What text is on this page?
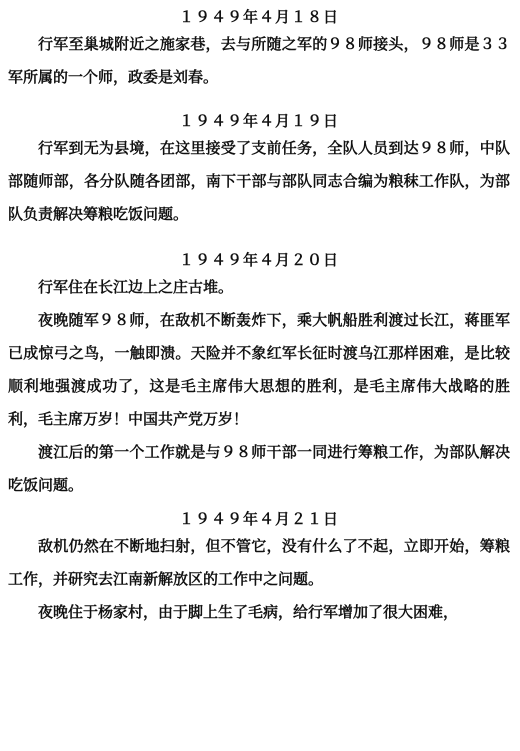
１９４９年４月１８日

行军至巢城附近之施家巷，去与所随之军的９８师接头，９８师是３３军所属的一个师，政委是刘春。

１９４９年４月１９日

行军到无为县境，在这里接受了支前任务，全队人员到达９８师，中队部随师部，各分队随各团部，南下干部与部队同志合编为粮秣工作队，为部队负责解决筹粮吃饭问题。

１９４９年４月２０日

行军住在长江边上之庄古堆。

夜晚随军９８师，在敌机不断轰炸下，乘大帆船胜利渡过长江，蒋匪军已成惊弓之鸟，一触即溃。天险并不象红军长征时渡乌江那样困难，是比较顺利地强渡成功了，这是毛主席伟大思想的胜利，是毛主席伟大战略的胜利，毛主席万岁！中国共产党万岁！

渡江后的第一个工作就是与９８师干部一同进行筹粮工作，为部队解决吃饭问题。

１９４９年４月２１日

敌机仍然在不断地扫射，但不管它，没有什么了不起，立即开始，筹粮工作，并研究去江南新解放区的工作中之问题。

夜晚住于杨家村，由于脚上生了毛病，给行军增加了很大困难，
